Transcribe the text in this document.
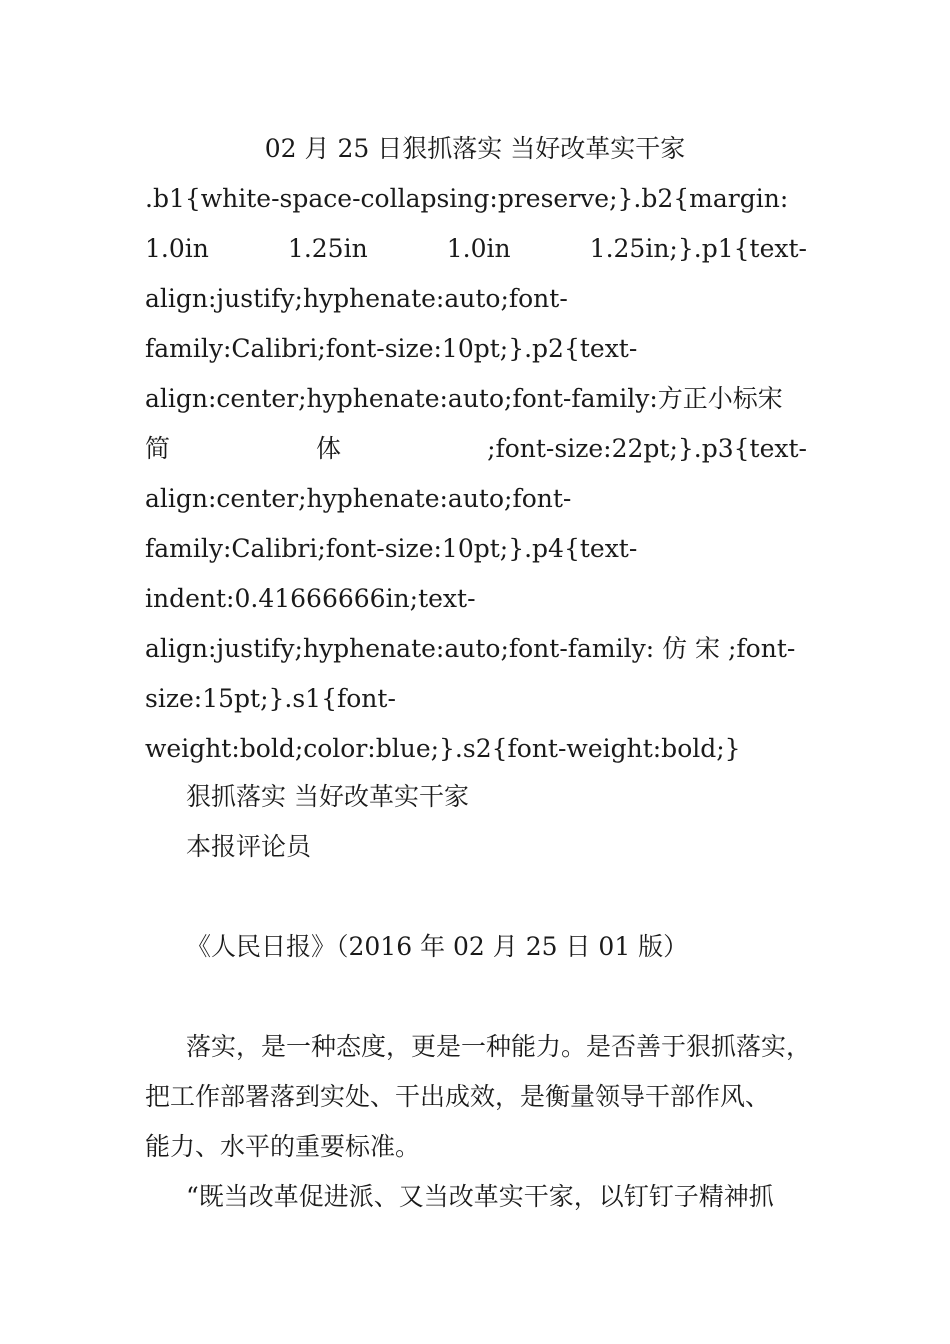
02 月 25 日狠抓落实 当好改革实干家
.b1{white-space-collapsing:preserve;}.b2{margin:
1.0in	1.25in	1.0in	1.25in;}.p1{text-
align:justify;hyphenate:auto;font-
family:Calibri;font-size:10pt;}.p2{text-
align:center;hyphenate:auto;font-family:方正小标宋
简	体	;font-size:22pt;}.p3{text-
align:center;hyphenate:auto;font-
family:Calibri;font-size:10pt;}.p4{text-
indent:0.41666666in;text-
align:justify;hyphenate:auto;font-family: 仿 宋 ;font-
size:15pt;}.s1{font-
weight:bold;color:blue;}.s2{font-weight:bold;}
狠抓落实 当好改革实干家
本报评论员
《人民日报》（2016 年 02 月 25 日 01 版）
落实，是一种态度，更是一种能力。是否善于狠抓落实，
把工作部署落到实处、干出成效，是衡量领导干部作风、
能力、水平的重要标准。
“既当改革促进派、又当改革实干家，以钉钉子精神抓
